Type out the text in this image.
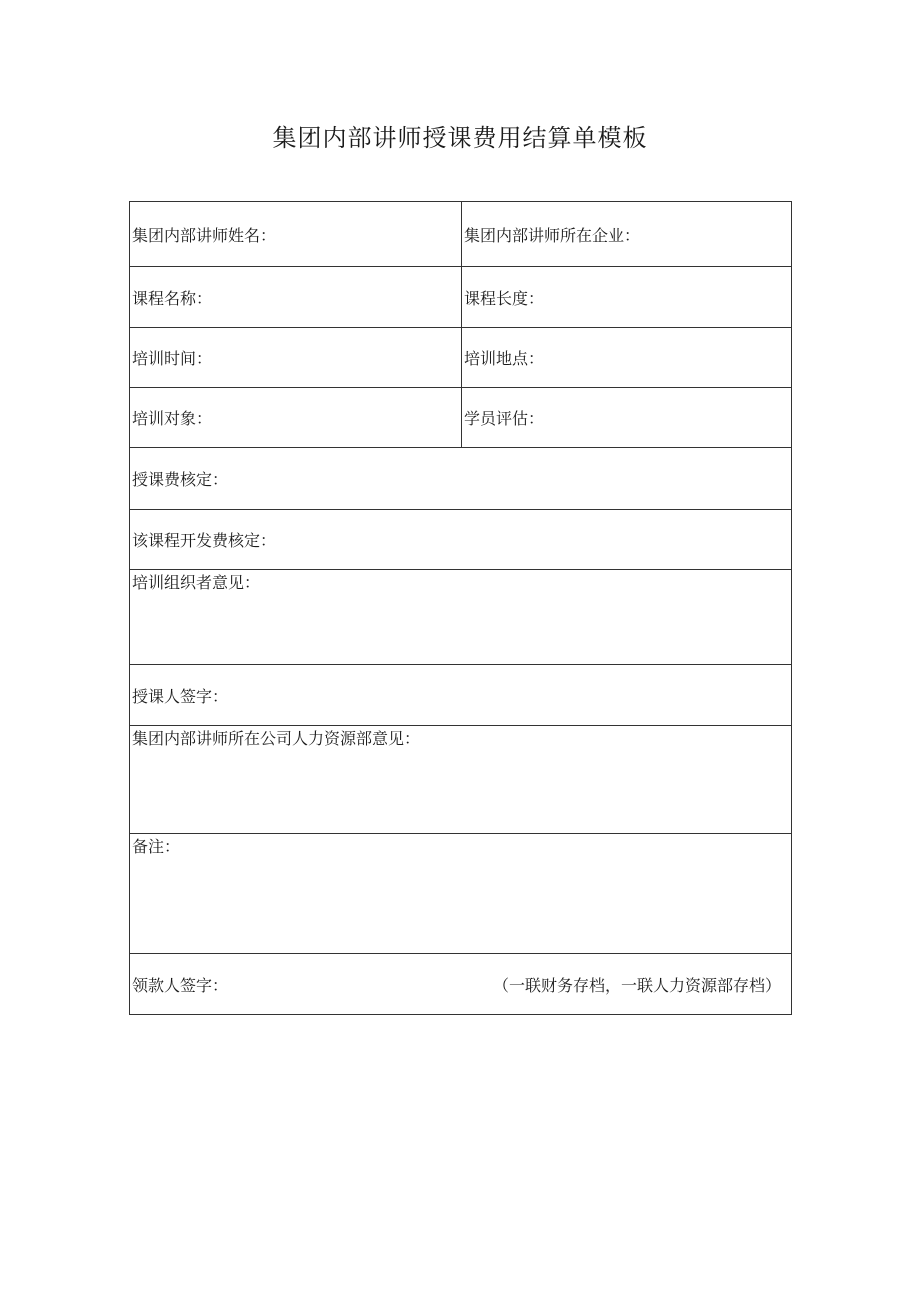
集团内部讲师授课费用结算单模板
集团内部讲师姓名：	集团内部讲师所在企业：
课程名称：	课程长度：
培训时间：	培训地点：
培训对象：	学员评估：
授课费核定：	
该课程开发费核定：	
培训组织者意见：	
授课人签字：	
集团内部讲师所在公司人力资源部意见：	
备注：	
领款人签字： （一联财务存档，一联人力资源部存档）	
